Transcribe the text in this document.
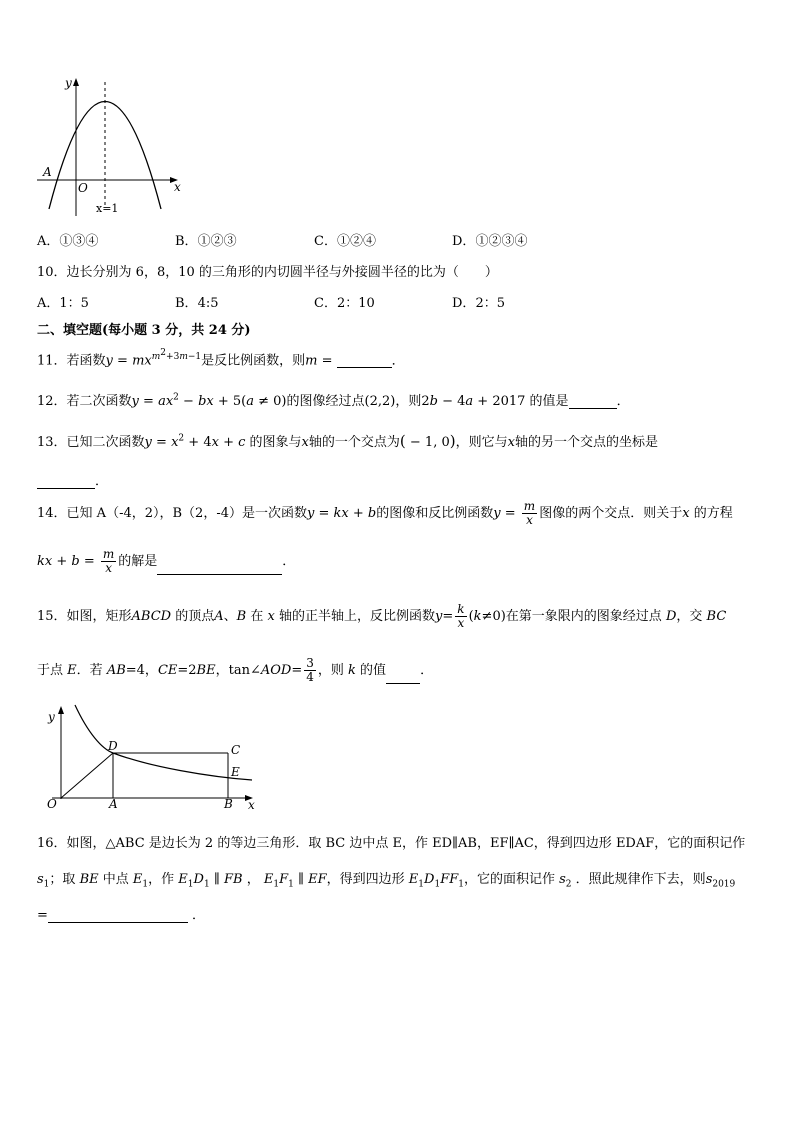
y
x
A
O
x=1
A．①③④	B．①②③	C．①②④	D．①②③④
10．边长分别为 6，8，10 的三角形的内切圆半径与外接圆半径的比为（　　）
A．1：5	B．4:5	C．2：10	D．2：5
二、填空题(每小题 3 分，共 24 分)
11．若函数$y = mx^{m^2+3m-1}$是反比例函数，则m =	．
12．若二次函数$y = ax^2$ − bx + 5(a ≠ 0)的图像经过点(2,2)，则2b − 4a + 2017 的值是	．
13．已知二次函数$y = x^2 + 4x + c$ 的图象与x轴的一个交点为( − 1, 0)，则它与x轴的另一个交点的坐标是
．
14．已知 A（-4，2），B（2，-4）是一次函数y = kx + b的图像和反比例函数$y = \frac{m}{x}$ 图像的两个交点．则关于x 的方程
kx + $b = \frac{m}{x}$ 的解是	．
15．如图，矩形ABCD 的顶点A、B 在 x 轴的正半轴上，反比例函数$y= \frac{k}{x} (k\ne 0)$在第一象限内的图象经过点 D，交 BC
于点 E．若 AB=4，CE=2BE，tan∠AOD= $\frac{3}{4}$ ，则 k 的值	．
y
x
O	A	B
C
D
E
16．如图，△ABC 是边长为 2 的等边三角形．取 BC 边中点 E，作 ED∥AB，EF∥AC，得到四边形 EDAF，它的面积记作
$s_1$；取 BE 中点 $E_1$，作 $E_1D_1$ ∥ FB ， $E_1F_1$ ∥ EF，得到四边形 $E_1D_1FF_1$，它的面积记作 $s_2$ ．照此规律作下去，则$s_{2019}$
=	．
